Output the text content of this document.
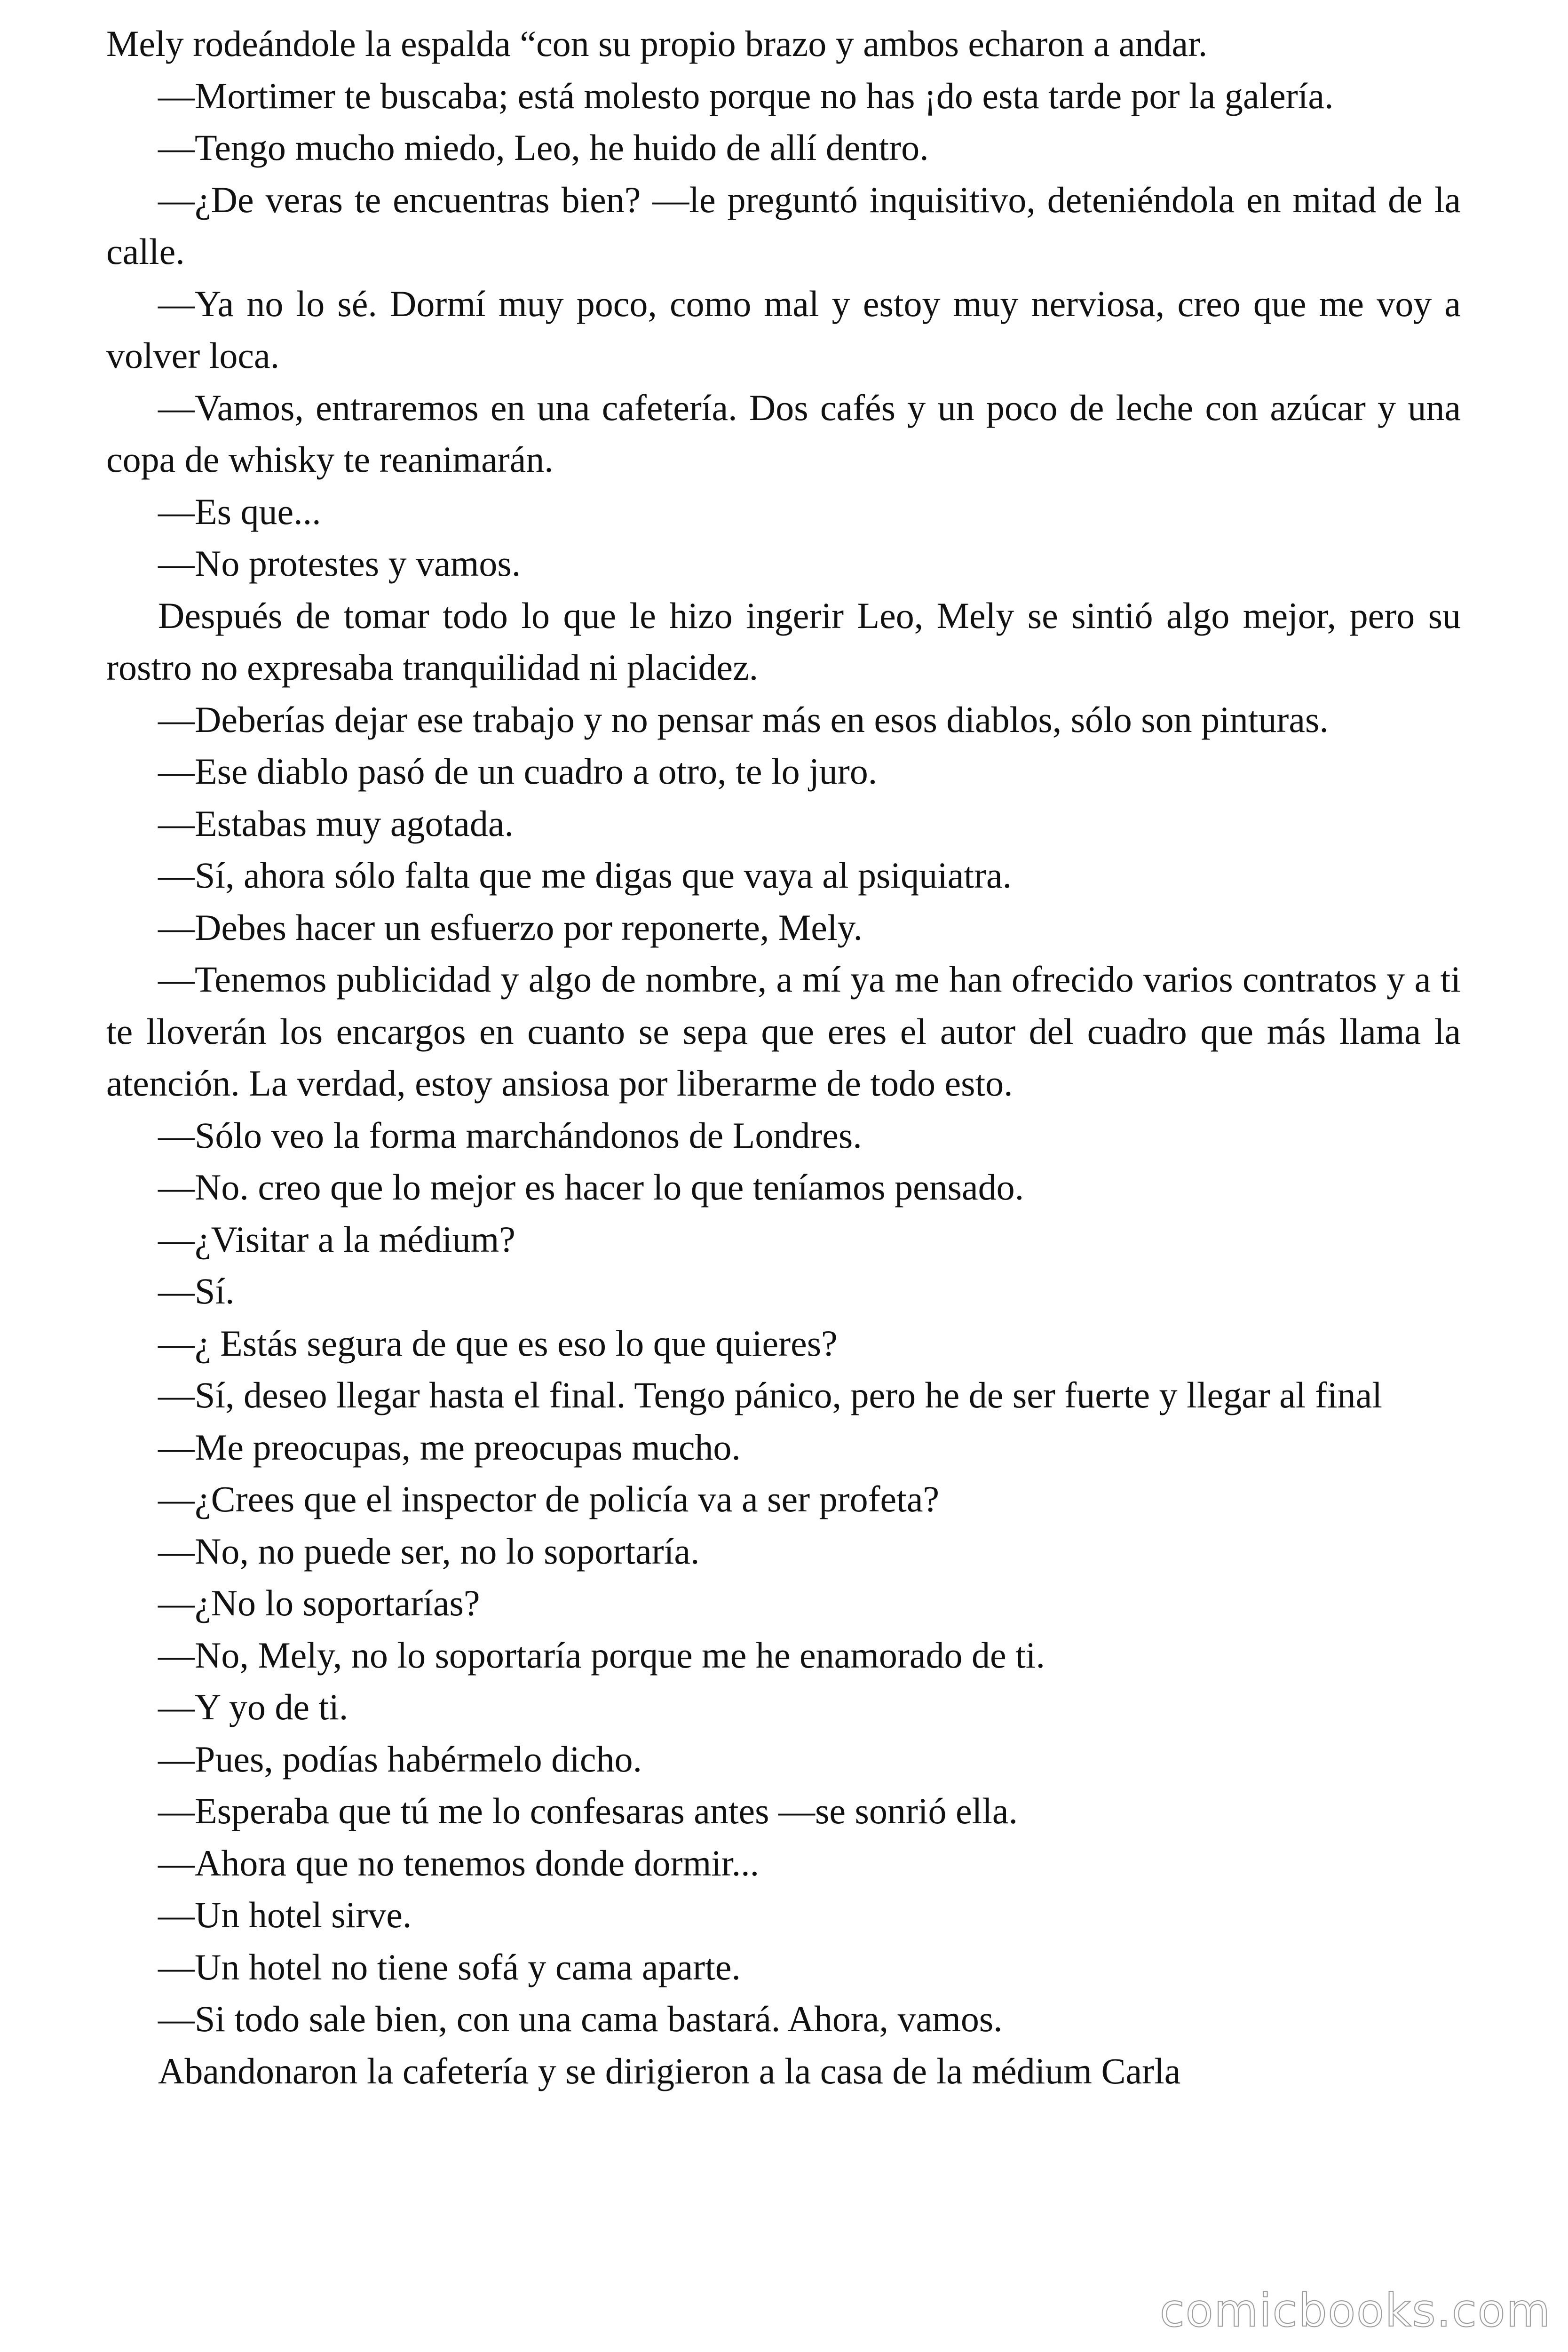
Mely rodeándole la espalda “con su propio brazo y ambos echaron a andar.

—Mortimer te buscaba; está molesto porque no has ¡do esta tarde por la galería.

—Tengo mucho miedo, Leo, he huido de allí dentro.

—¿De veras te encuentras bien? —le preguntó inquisitivo, deteniéndola en mitad de la calle.

—Ya no lo sé. Dormí muy poco, como mal y estoy muy nerviosa, creo que me voy a volver loca.

—Vamos, entraremos en una cafetería. Dos cafés y un poco de leche con azúcar y una copa de whisky te reanimarán.

—Es que...

—No protestes y vamos.

Después de tomar todo lo que le hizo ingerir Leo, Mely se sintió algo mejor, pero su rostro no expresaba tranquilidad ni placidez.

—Deberías dejar ese trabajo y no pensar más en esos diablos, sólo son pinturas.

—Ese diablo pasó de un cuadro a otro, te lo juro.

—Estabas muy agotada.

—Sí, ahora sólo falta que me digas que vaya al psiquiatra.

—Debes hacer un esfuerzo por reponerte, Mely.

—Tenemos publicidad y algo de nombre, a mí ya me han ofrecido varios contratos y a ti te lloverán los encargos en cuanto se sepa que eres el autor del cuadro que más llama la atención. La verdad, estoy ansiosa por liberarme de todo esto.

—Sólo veo la forma marchándonos de Londres.

—No. creo que lo mejor es hacer lo que teníamos pensado.

—¿Visitar a la médium?

—Sí.

—¿ Estás segura de que es eso lo que quieres?

—Sí, deseo llegar hasta el final. Tengo pánico, pero he de ser fuerte y llegar al final

—Me preocupas, me preocupas mucho.

—¿Crees que el inspector de policía va a ser profeta?

—No, no puede ser, no lo soportaría.

—¿No lo soportarías?

—No, Mely, no lo soportaría porque me he enamorado de ti.

—Y yo de ti.

—Pues, podías habérmelo dicho.

—Esperaba que tú me lo confesaras antes —se sonrió ella.

—Ahora que no tenemos donde dormir...

—Un hotel sirve.

—Un hotel no tiene sofá y cama aparte.

—Si todo sale bien, con una cama bastará. Ahora, vamos.

Abandonaron la cafetería y se dirigieron a la casa de la médium Carla

comicbooks.com
